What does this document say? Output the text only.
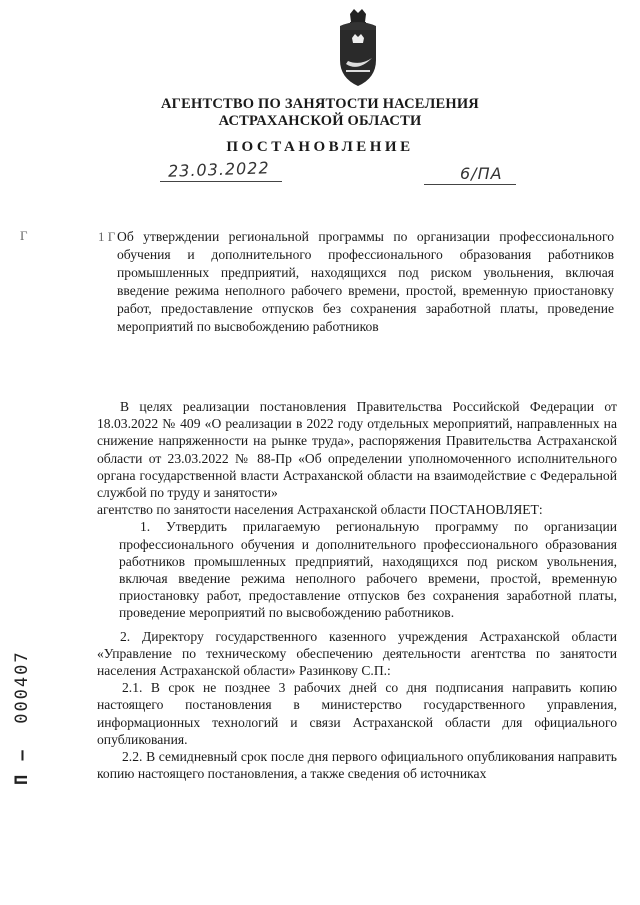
АГЕНТСТВО ПО ЗАНЯТОСТИ НАСЕЛЕНИЯ
АСТРАХАНСКОЙ ОБЛАСТИ
ПОСТАНОВЛЕНИЕ
23.03.2022	6/ПА
Г	1 Г Об утверждении региональной программы по организации профессионального обучения и дополнительного профессионального образования работников промышленных предприятий, находящихся под риском увольнения, включая введение режима неполного рабочего времени, простой, временную приостановку работ, предоставление отпусков без сохранения заработной платы, проведение мероприятий по высвобождению работников

В целях реализации постановления Правительства Российской Федерации от 18.03.2022 № 409 «О реализации в 2022 году отдельных мероприятий, направленных на снижение напряженности на рынке труда», распоряжения Правительства Астраханской области от 23.03.2022 № 88-Пр «Об определении уполномоченного исполнительного органа государственной власти Астраханской области на взаимодействие с Федеральной службой по труду и занятости»

агентство по занятости населения Астраханской области ПОСТАНОВЛЯЕТ:

1. Утвердить прилагаемую региональную программу по организации профессионального обучения и дополнительного профессионального образования работников промышленных предприятий, находящихся под риском увольнения, включая введение режима неполного рабочего времени, простой, временную приостановку работ, предоставление отпусков без сохранения заработной платы, проведение мероприятий по высвобождению работников.

2. Директору государственного казенного учреждения Астраханской области «Управление по техническому обеспечению деятельности агентства по занятости населения Астраханской области» Разинкову С.П.:

2.1. В срок не позднее 3 рабочих дней со дня подписания направить копию настоящего постановления в министерство государственного управления, информационных технологий и связи Астраханской области для официального опубликования.

2.2. В семидневный срок после дня первого официального опубликования направить копию настоящего постановления, а также сведения об источниках

П –  000407
